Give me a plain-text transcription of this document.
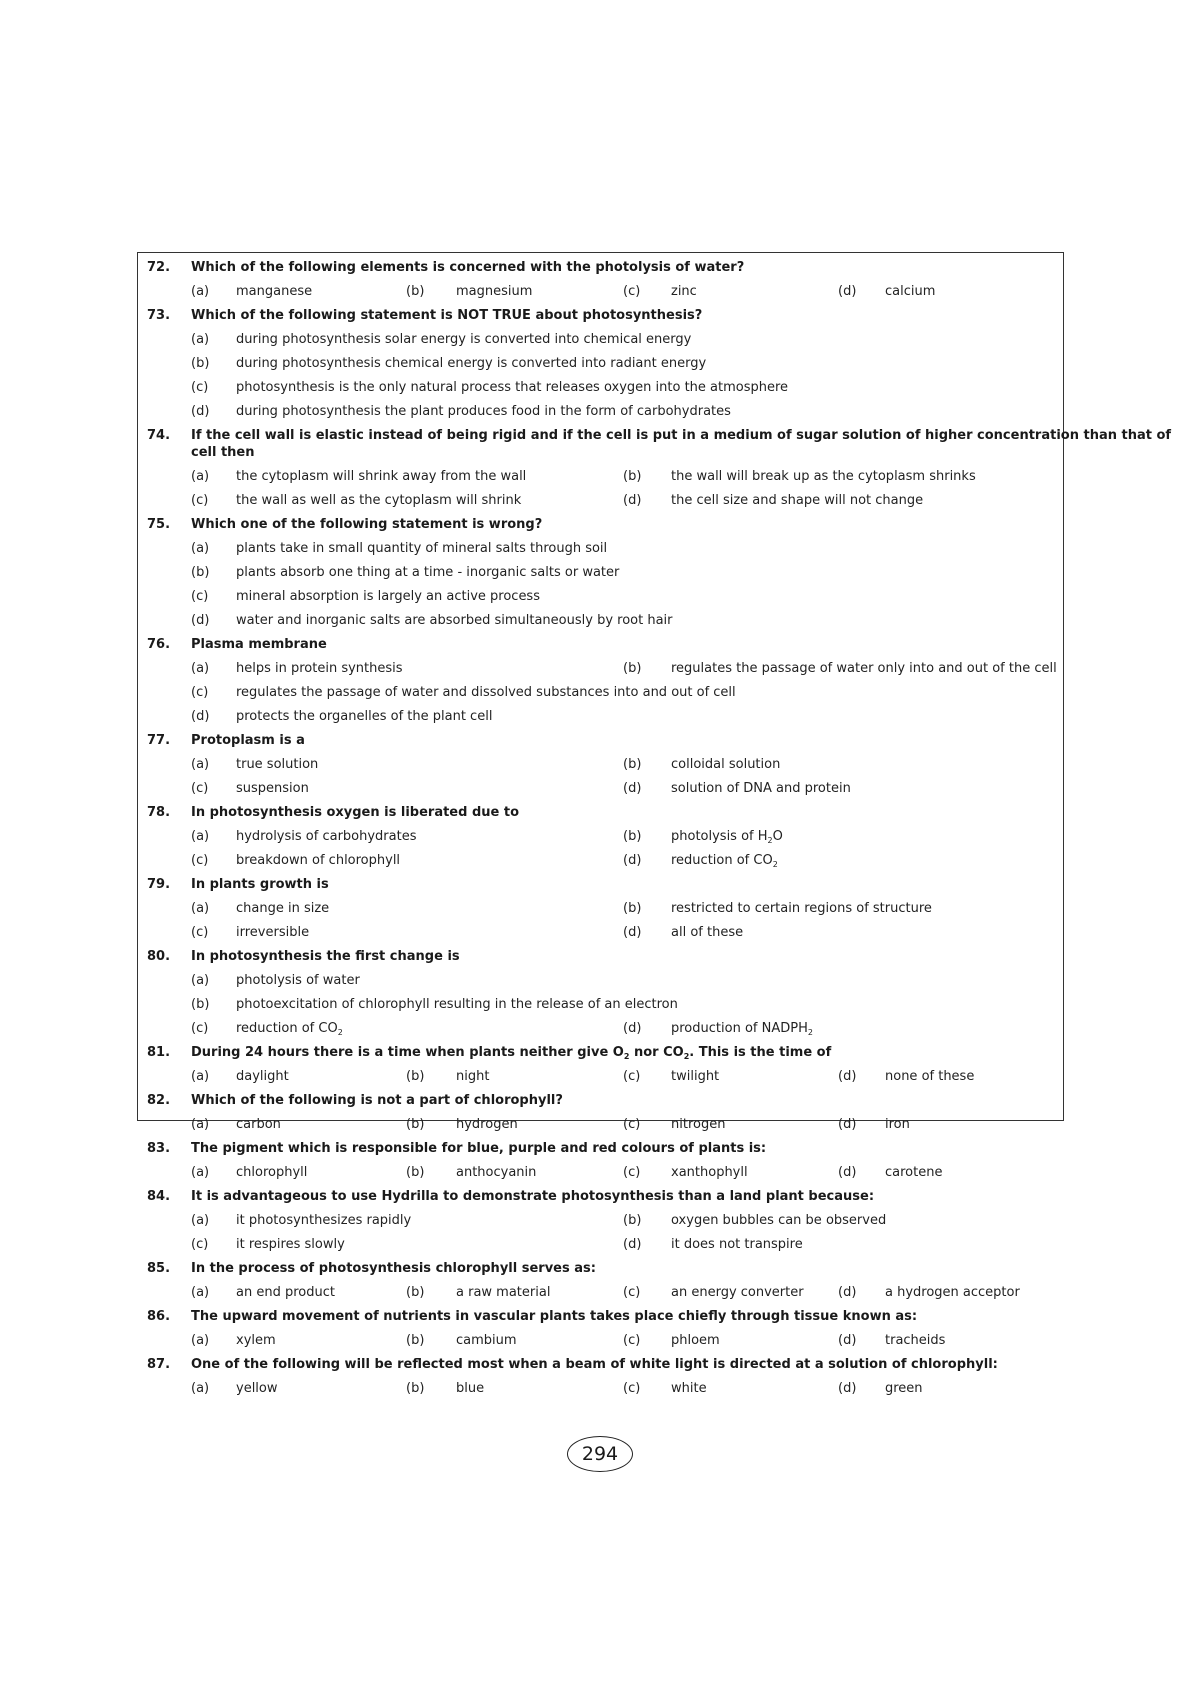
72. Which of the following elements is concerned with the photolysis of water?
(a) manganese	(b) magnesium	(c) zinc	(d) calcium
73. Which of the following statement is NOT TRUE about photosynthesis?
(a) during photosynthesis solar energy is converted into chemical energy
(b) during photosynthesis chemical energy is converted into radiant energy
(c) photosynthesis is the only natural process that releases oxygen into the atmosphere
(d) during photosynthesis the plant produces food in the form of carbohydrates
74. If the cell wall is elastic instead of being rigid and if the cell is put in a medium of sugar solution of higher concentration than that of
cell then
(a) the cytoplasm will shrink away from the wall	(b) the wall will break up as the cytoplasm shrinks
(c) the wall as well as the cytoplasm will shrink	(d) the cell size and shape will not change
75. Which one of the following statement is wrong?
(a) plants take in small quantity of mineral salts through soil
(b) plants absorb one thing at a time - inorganic salts or water
(c) mineral absorption is largely an active process
(d) water and inorganic salts are absorbed simultaneously by root hair
76. Plasma membrane
(a) helps in protein synthesis	(b) regulates the passage of water only into and out of the cell
(c) regulates the passage of water and dissolved substances into and out of cell
(d) protects the organelles of the plant cell
77. Protoplasm is a
(a) true solution	(b) colloidal solution
(c) suspension	(d) solution of DNA and protein
78. In photosynthesis oxygen is liberated due to
(a) hydrolysis of carbohydrates	(b) photolysis of $H_2O$
(c) breakdown of chlorophyll	(d) reduction of $CO_2$
79. In plants growth is
(a) change in size	(b) restricted to certain regions of structure
(c) irreversible	(d) all of these
80. In photosynthesis the first change is
(a) photolysis of water
(b) photoexcitation of chlorophyll resulting in the release of an electron
(c) reduction of $CO_2$	(d) production of $NADPH_2$
81. During 24 hours there is a time when plants neither give $O_2$ nor $CO_2$. This is the time of
(a) daylight	(b) night	(c) twilight	(d) none of these
82. Which of the following is not a part of chlorophyll?
(a) carbon	(b) hydrogen	(c) nitrogen	(d) iron
83. The pigment which is responsible for blue, purple and red colours of plants is:
(a) chlorophyll	(b) anthocyanin	(c) xanthophyll	(d) carotene
84. It is advantageous to use Hydrilla to demonstrate photosynthesis than a land plant because:
(a) it photosynthesizes rapidly	(b) oxygen bubbles can be observed
(c) it respires slowly	(d) it does not transpire
85. In the process of photosynthesis chlorophyll serves as:
(a) an end product	(b) a raw material	(c) an energy converter	(d) a hydrogen acceptor
86. The upward movement of nutrients in vascular plants takes place chiefly through tissue known as:
(a) xylem	(b) cambium	(c) phloem	(d) tracheids
87. One of the following will be reflected most when a beam of white light is directed at a solution of chlorophyll:
(a) yellow	(b) blue	(c) white	(d) green
294
